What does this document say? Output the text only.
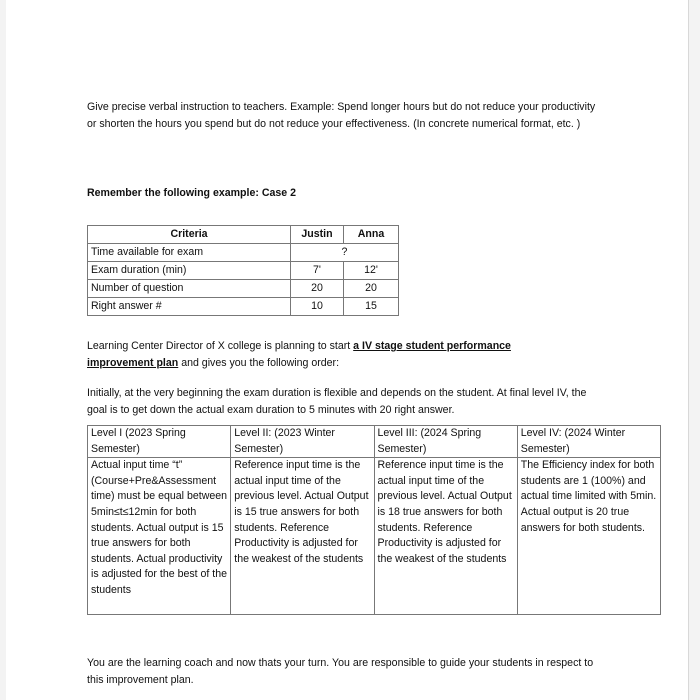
Give precise verbal instruction to teachers. Example: Spend longer hours but do not reduce your productivity or shorten the hours you spend but do not reduce your effectiveness. (In concrete numerical format, etc. )
Remember the following example: Case 2
Criteria	Justin	Anna
Time available for exam	?	
Exam duration (min)	7'	12'
Number of question	20	20
Right answer #	10	15
Learning Center Director of X college is planning to start a IV stage student performance improvement plan and gives you the following order:
Initially, at the very beginning the exam duration is flexible and depends on the student. At final level IV, the goal is to get down the actual exam duration to 5 minutes with 20 right answer.
Level I (2023 Spring Semester)	Level II: (2023 Winter Semester)	Level III: (2024 Spring Semester)	Level IV: (2024 Winter Semester)
Actual input time “t” (Course+Pre&Assessment time) must be equal between 5min≤t≤12min for both students. Actual output is 15 true answers for both students. Actual productivity is adjusted for the best of the students	Reference input time is the actual input time of the previous level. Actual Output is 15 true answers for both students. Reference Productivity is adjusted for the weakest of the students	Reference input time is the actual input time of the previous level. Actual Output is 18 true answers for both students. Reference Productivity is adjusted for the weakest of the students	The Efficiency index for both students are 1 (100%) and actual time limited with 5min. Actual output is 20 true answers for both students.
You are the learning coach and now thats your turn. You are responsible to guide your students in respect to this improvement plan.
